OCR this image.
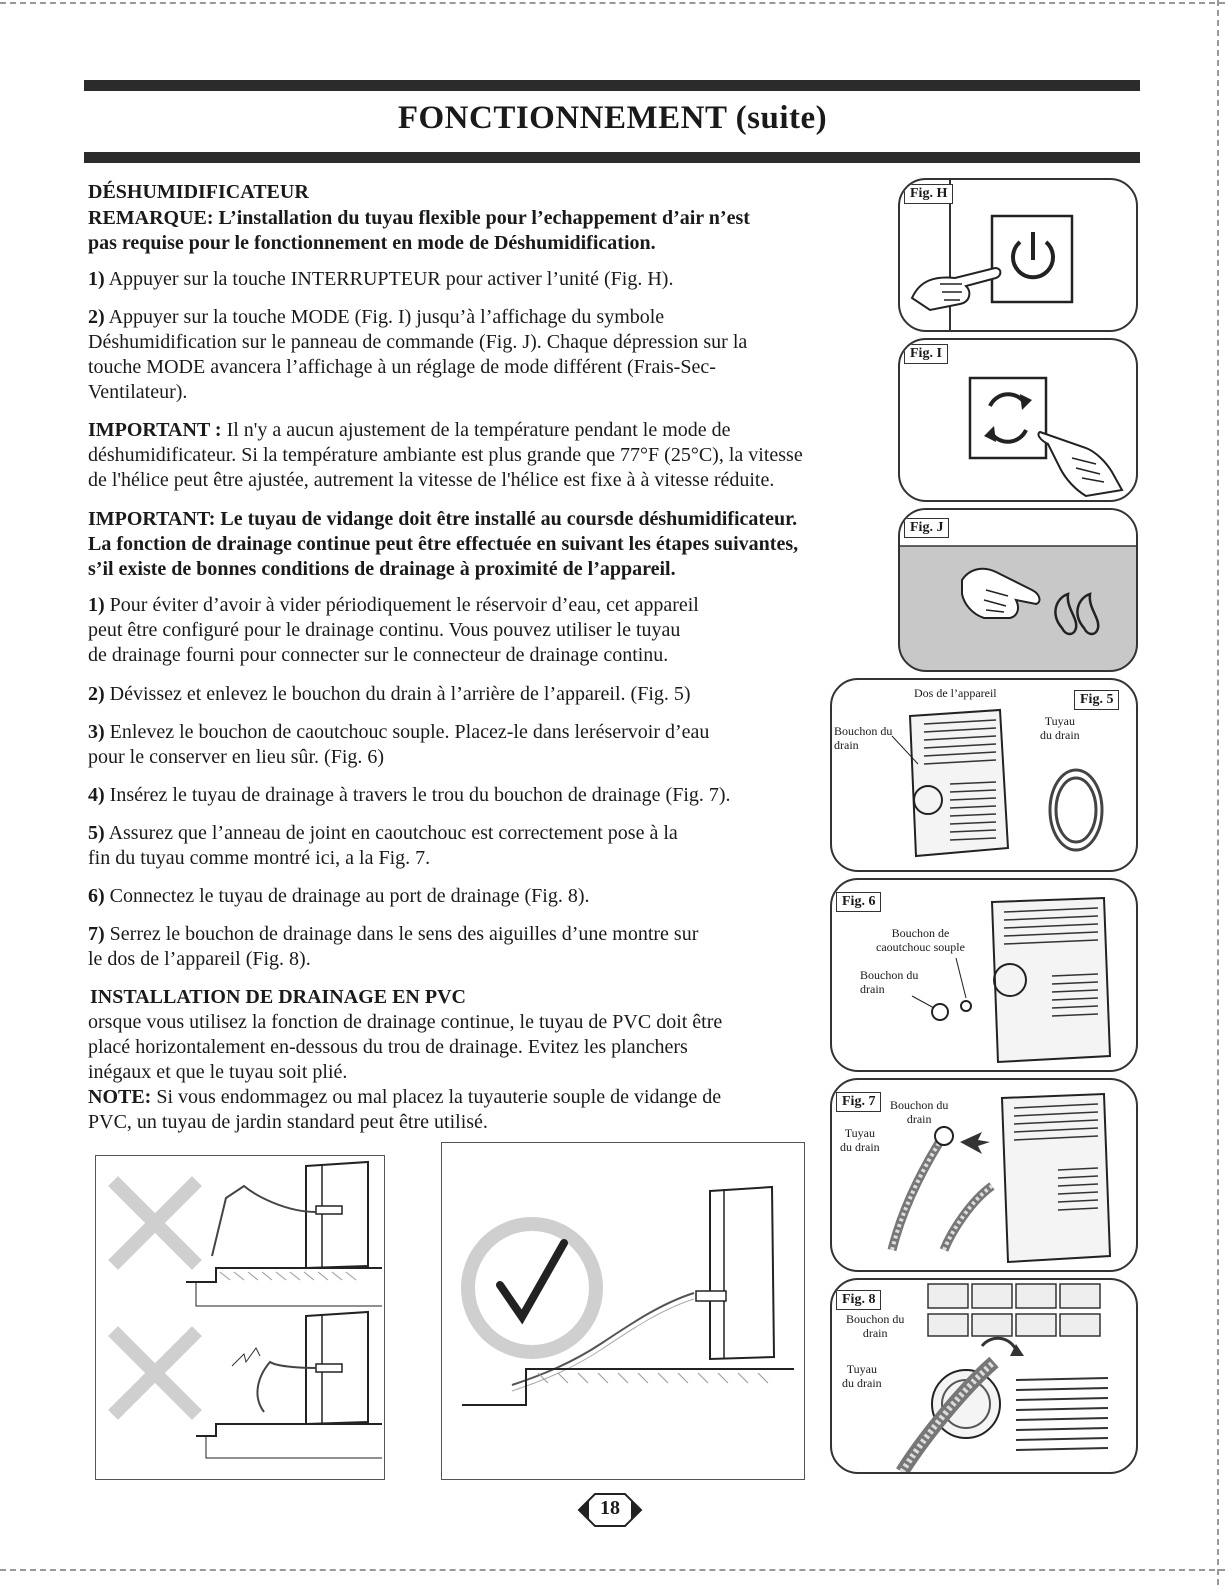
FONCTIONNEMENT (suite)
DÉSHUMIDIFICATEUR
REMARQUE: L’installation du tuyau flexible pour l’echappement d’air n’est
pas requise pour le fonctionnement en mode de Déshumidification.
1) Appuyer sur la touche INTERRUPTEUR pour activer l’unité (Fig. H).
2) Appuyer sur la touche MODE (Fig. I) jusqu’à l’affichage du symbole
Déshumidification sur le panneau de commande (Fig. J). Chaque dépression sur la
touche MODE avancera l’affichage à un réglage de mode différent (Frais-Sec-
Ventilateur).
IMPORTANT : Il n'y a aucun ajustement de la température pendant le mode de
déshumidificateur. Si la température ambiante est plus grande que 77°F (25°C), la vitesse
de l'hélice peut être ajustée, autrement la vitesse de l'hélice est fixe à à vitesse réduite.
IMPORTANT: Le tuyau de vidange doit être installé au coursde déshumidificateur.
La fonction de drainage continue peut être effectuée en suivant les étapes suivantes,
s’il existe de bonnes conditions de drainage à proximité de l’appareil.
1) Pour éviter d’avoir à vider périodiquement le réservoir d’eau, cet appareil
peut être configuré pour le drainage continu. Vous pouvez utiliser le tuyau
de drainage fourni pour connecter sur le connecteur de drainage continu.
2) Dévissez et enlevez le bouchon du drain à l’arrière de l’appareil. (Fig. 5)
3) Enlevez le bouchon de caoutchouc souple. Placez-le dans leréservoir d’eau
pour le conserver en lieu sûr. (Fig. 6)
4) Insérez le tuyau de drainage à travers le trou du bouchon de drainage (Fig. 7).
5) Assurez que l’anneau de joint en caoutchouc est correctement pose à la
fin du tuyau comme montré ici, a la Fig. 7.
6) Connectez le tuyau de drainage au port de drainage (Fig. 8).
7) Serrez le bouchon de drainage dans le sens des aiguilles d’une montre sur
le dos de l’appareil (Fig. 8).
INSTALLATION DE DRAINAGE EN PVC
orsque vous utilisez la fonction de drainage continue, le tuyau de PVC doit être
placé horizontalement en-dessous du trou de drainage. Evitez les planchers
inégaux et que le tuyau soit plié.
NOTE: Si vous endommagez ou mal placez la tuyauterie souple de vidange de
PVC, un tuyau de jardin standard peut être utilisé.
Fig. H
Fig. I
Fig. J
Dos de l’appareil	Fig. 5
Bouchon du
drain
Tuyau
du drain
Fig. 6
Bouchon de
caoutchouc souple
Bouchon du
drain
Fig. 7	Bouchon du
drain
Tuyau
du drain
Fig. 8
Bouchon du
drain
Tuyau
du drain
18
